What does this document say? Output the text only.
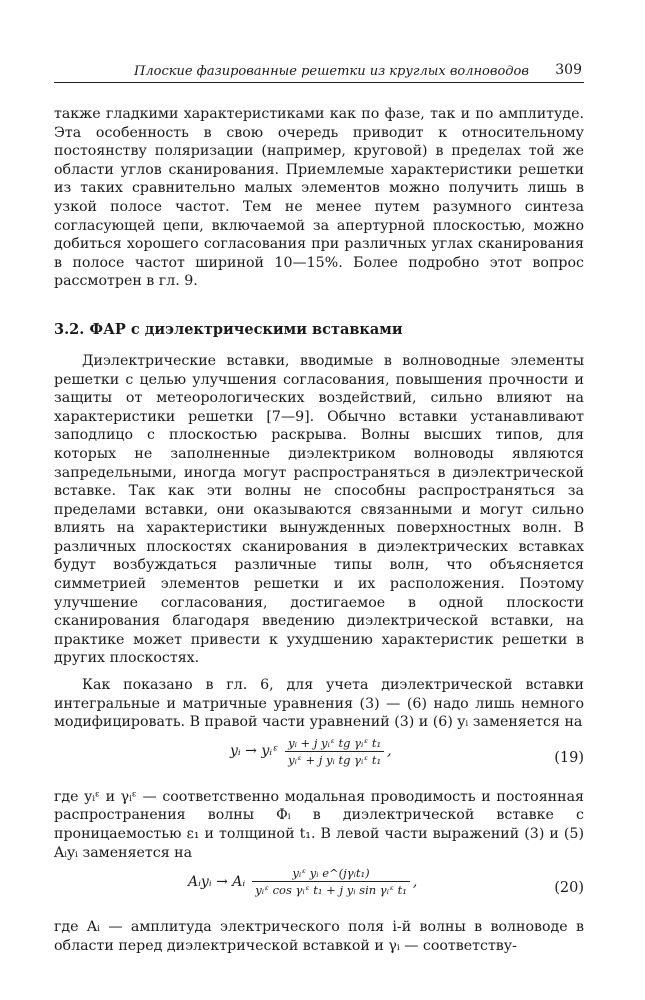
Плоские фазированные решетки из круглых волноводов 309

также гладкими характеристиками как по фазе, так и по амплитуде. Эта особенность в свою очередь приводит к относительному постоянству поляризации (например, круговой) в пределах той же области углов сканирования. Приемлемые характеристики решетки из таких сравнительно малых элементов можно получить лишь в узкой полосе частот. Тем не менее путем разумного синтеза согласующей цепи, включаемой за апертурной плоскостью, можно добиться хорошего согласования при различных углах сканирования в полосе частот шириной 10—15%. Более подробно этот вопрос рассмотрен в гл. 9.

3.2. ФАР с диэлектрическими вставками

Диэлектрические вставки, вводимые в волноводные элементы решетки с целью улучшения согласования, повышения прочности и защиты от метеорологических воздействий, сильно влияют на характеристики решетки [7—9]. Обычно вставки устанавливают заподлицо с плоскостью раскрыва. Волны высших типов, для которых не заполненные диэлектриком волноводы являются запредельными, иногда могут распространяться в диэлектрической вставке. Так как эти волны не способны распространяться за пределами вставки, они оказываются связанными и могут сильно влиять на характеристики вынужденных поверхностных волн. В различных плоскостях сканирования в диэлектрических вставках будут возбуждаться различные типы волн, что объясняется симметрией элементов решетки и их расположения. Поэтому улучшение согласования, достигаемое в одной плоскости сканирования благодаря введению диэлектрической вставки, на практике может привести к ухудшению характеристик решетки в других плоскостях.

Как показано в гл. 6, для учета диэлектрической вставки интегральные и матричные уравнения (3) — (6) надо лишь немного модифицировать. В правой части уравнений (3) и (6) yᵢ заменяется на

yᵢ → yᵢᵋ $\frac{\text{yᵢ + j yᵢᵋ tg γᵢᵋ t₁}}{\text{yᵢᵋ + j yᵢ tg γᵢᵋ t₁}}$ ,	(19)

где yᵢᵋ и γᵢᵋ — соответственно модальная проводимость и постоянная распространения волны Φᵢ в диэлектрической вставке с проницаемостью ε₁ и толщиной t₁. В левой части выражений (3) и (5) Aᵢyᵢ заменяется на

Aᵢyᵢ → Aᵢ $\frac{\text{yᵢᵋ yᵢ e\textasciicircum{}(jγᵢt₁)}}{\text{yᵢᵋ cos γᵢᵋ t₁ + j yᵢ sin γᵢᵋ t₁}}$ ,	(20)

где Aᵢ — амплитуда электрического поля i-й волны в волноводе в области перед диэлектрической вставкой и γᵢ — соответству-
